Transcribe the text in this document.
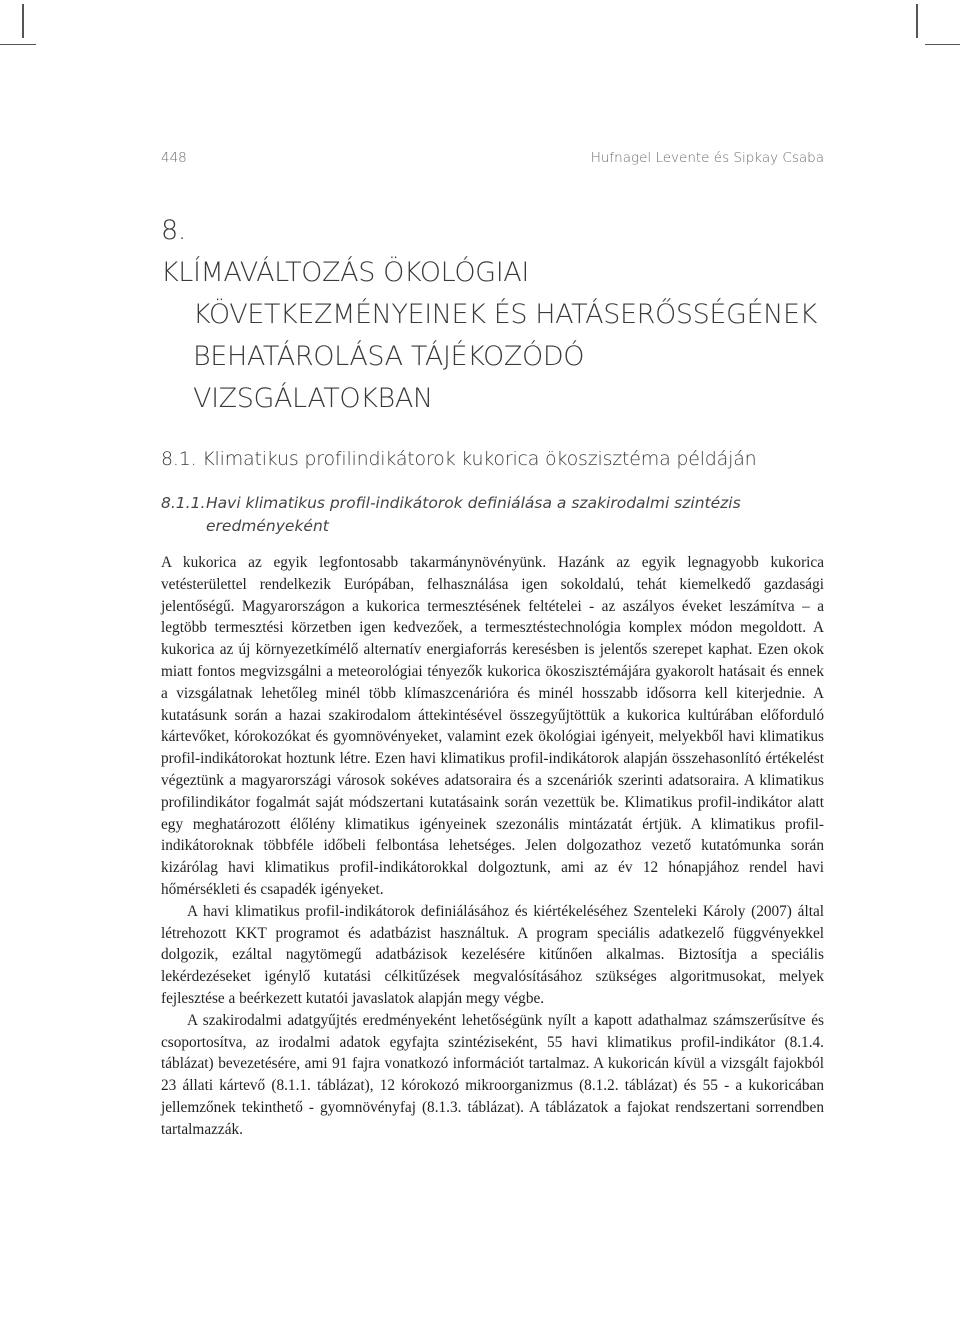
448	Hufnagel Levente és Sipkay Csaba
8.
KLÍMAVÁLTOZÁS ÖKOLÓGIAI
KÖVETKEZMÉNYEINEK ÉS HATÁSERŐSSÉGÉNEK
BEHATÁROLÁSA TÁJÉKOZÓDÓ VIZSGÁLATOKBAN
8.1. Klimatikus profilindikátorok kukorica ökoszisztéma példáján
8.1.1. Havi klimatikus profil-indikátorok definiálása a szakirodalmi szintézis eredményeként

A kukorica az egyik legfontosabb takarmánynövényünk. Hazánk az egyik legnagyobb kukorica vetésterülettel rendelkezik Európában, felhasználása igen sokoldalú, tehát kiemelkedő gazdasági jelentőségű. Magyarországon a kukorica termesztésének feltételei - az aszályos éveket leszámítva – a legtöbb termesztési körzetben igen kedvezőek, a termesztéstechnológia komplex módon megoldott. A kukorica az új környezetkímélő alternatív energiaforrás keresésben is jelentős szerepet kaphat. Ezen okok miatt fontos megvizsgálni a meteorológiai tényezők kukorica ökoszisztémájára gyakorolt hatásait és ennek a vizsgálatnak lehetőleg minél több klímaszcenárióra és minél hosszabb idősorra kell kiterjednie. A kutatásunk során a hazai szakirodalom áttekintésével összegyűjtöttük a kukorica kultúrában előforduló kártevőket, kórokozókat és gyomnövényeket, valamint ezek ökológiai igényeit, melyekből havi klimatikus profil-indikátorokat hoztunk létre. Ezen havi klimatikus profil-indikátorok alapján összehasonlító értékelést végeztünk a magyarországi városok sokéves adatsoraira és a szcenáriók szerinti adatsoraira. A klimatikus profilindikátor fogalmát saját módszertani kutatásaink során vezettük be. Klimatikus profil-indikátor alatt egy meghatározott élőlény klimatikus igényeinek szezonális mintázatát értjük. A klimatikus profil-indikátoroknak többféle időbeli felbontása lehetséges. Jelen dolgozathoz vezető kutatómunka során kizárólag havi klimatikus profil-indikátorokkal dolgoztunk, ami az év 12 hónapjához rendel havi hőmérsékleti és csapadék igényeket.

A havi klimatikus profil-indikátorok definiálásához és kiértékeléséhez Szenteleki Károly (2007) által létrehozott KKT programot és adatbázist használtuk. A program speciális adatkezelő függvényekkel dolgozik, ezáltal nagytömegű adatbázisok kezelésére kitűnően alkalmas. Biztosítja a speciális lekérdezéseket igénylő kutatási célkitűzések megvalósításához szükséges algoritmusokat, melyek fejlesztése a beérkezett kutatói javaslatok alapján megy végbe.

A szakirodalmi adatgyűjtés eredményeként lehetőségünk nyílt a kapott adathalmaz számszerűsítve és csoportosítva, az irodalmi adatok egyfajta szintéziseként, 55 havi klimatikus profil-indikátor (8.1.4. táblázat) bevezetésére, ami 91 fajra vonatkozó információt tartalmaz. A kukoricán kívül a vizsgált fajokból 23 állati kártevő (8.1.1. táblázat), 12 kórokozó mikroorganizmus (8.1.2. táblázat) és 55 - a kukoricában jellemzőnek tekinthető - gyomnövényfaj (8.1.3. táblázat). A táblázatok a fajokat rendszertani sorrendben tartalmazzák.
